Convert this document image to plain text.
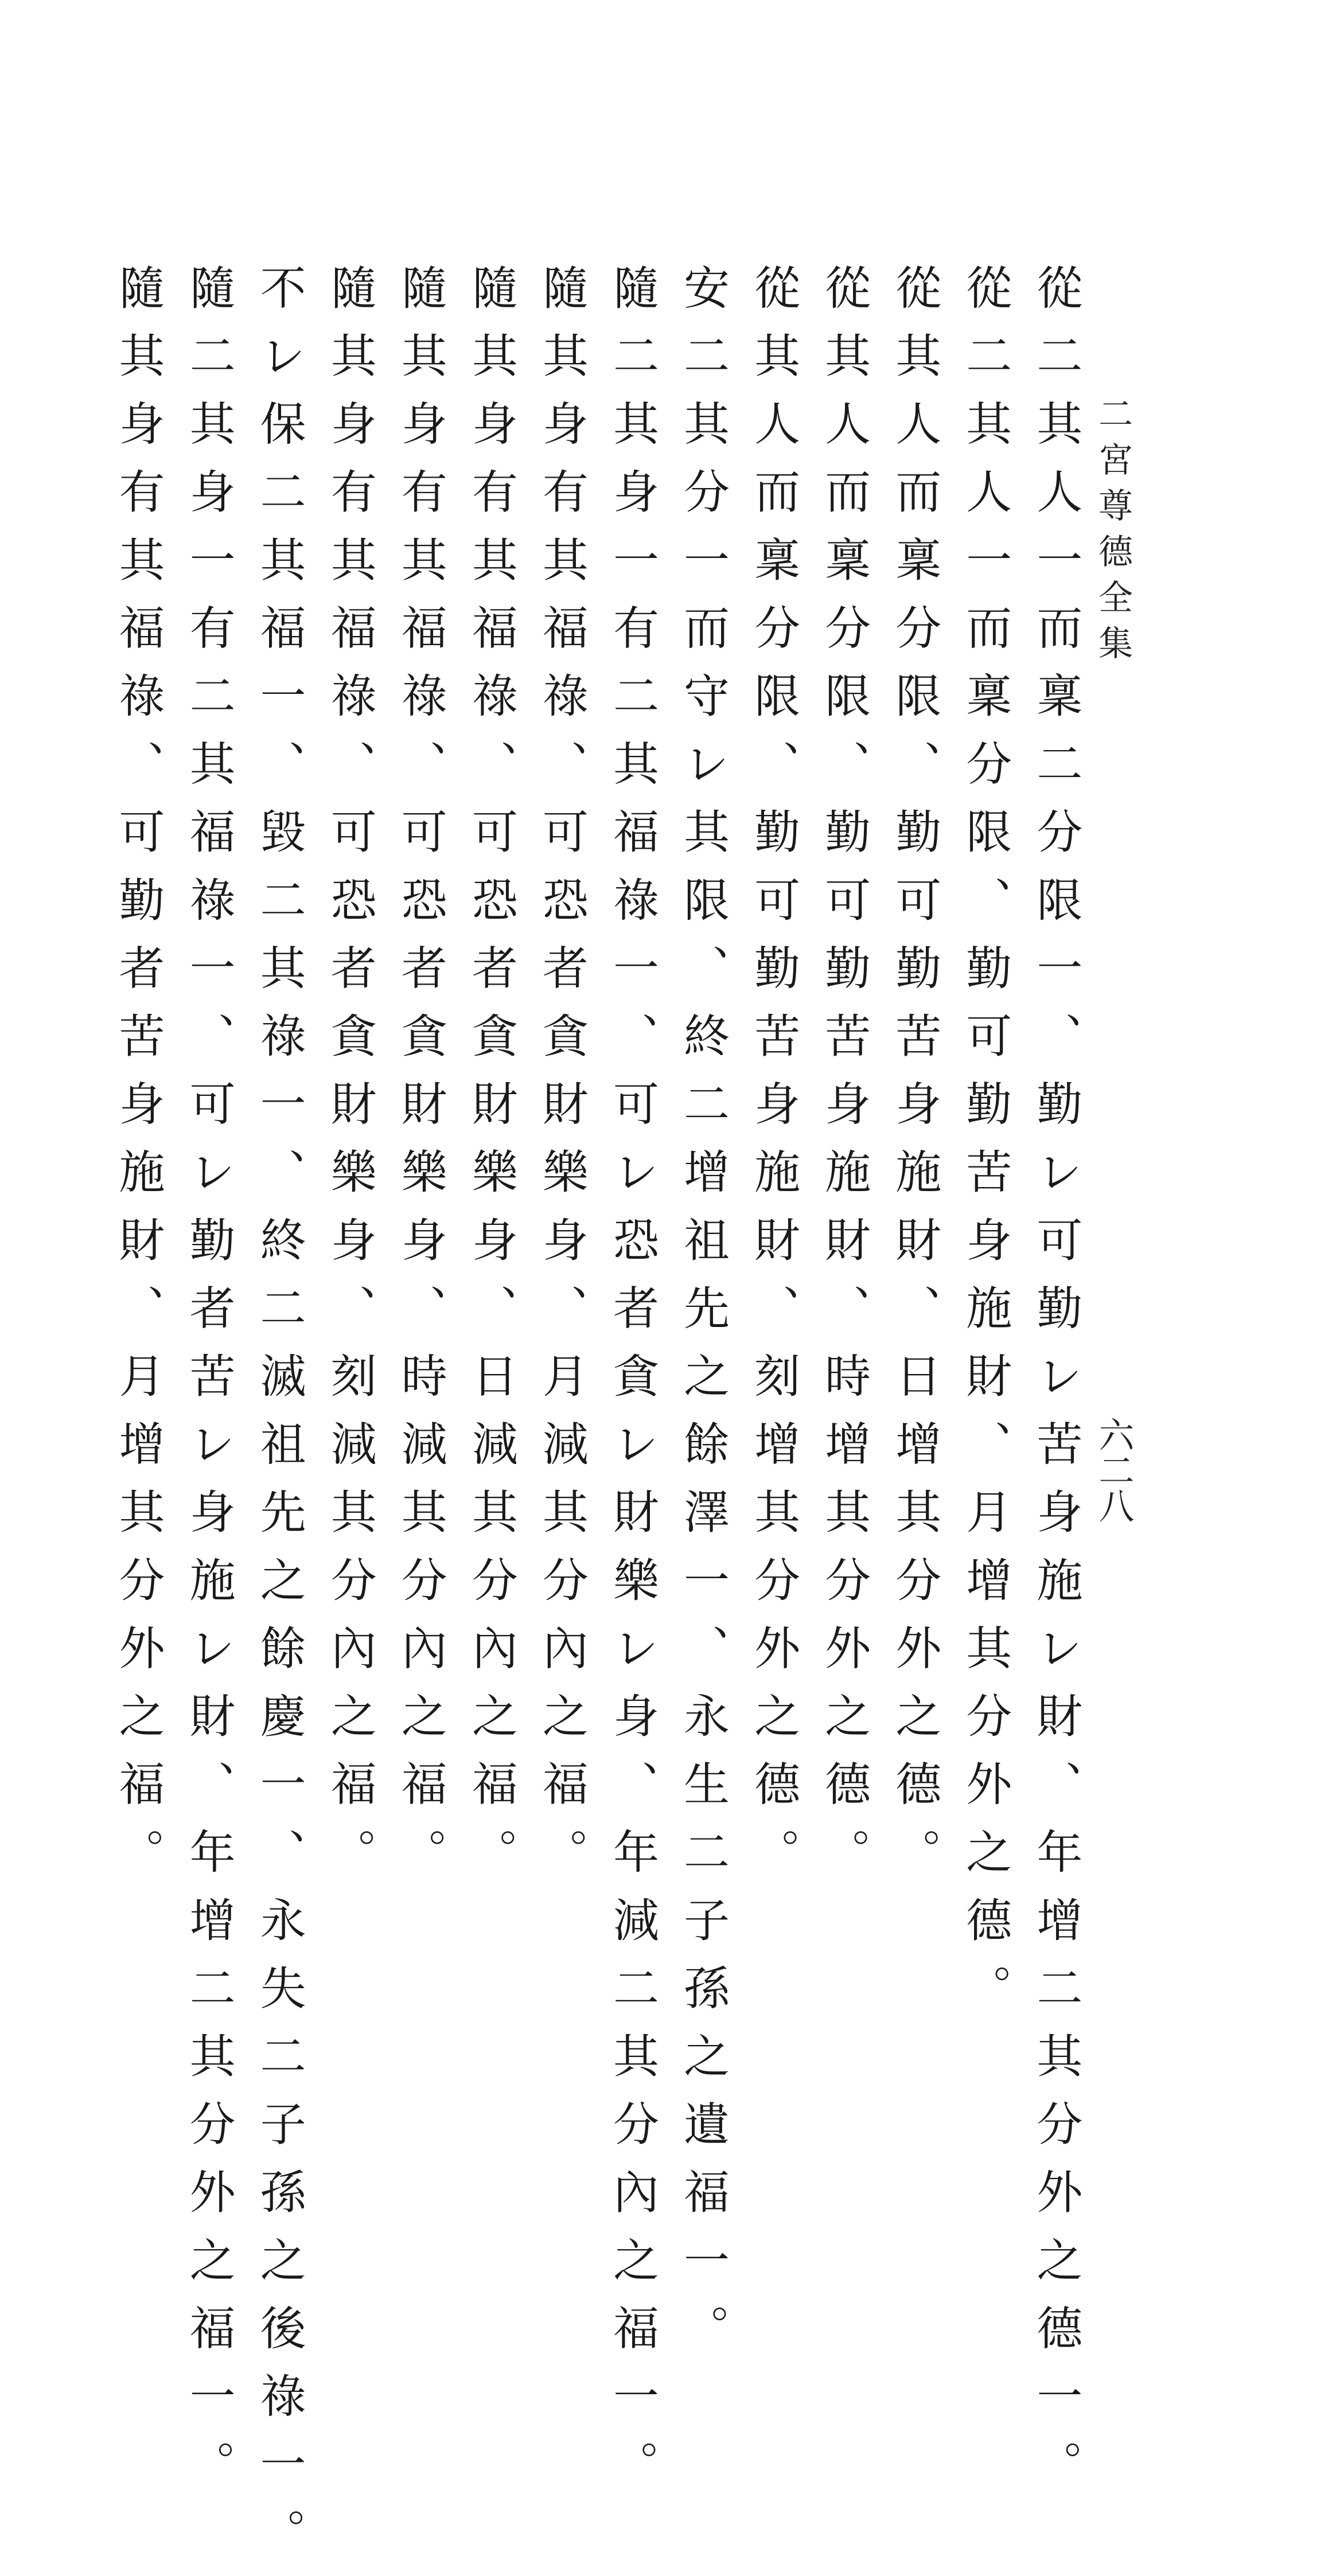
二宮尊德全集
六二八
從二其人一而稟二分限一、勤レ可勤レ苦身施レ財、年增二其分外之德一。
從二其人一而稟分限、勤可勤苦身施財、月增其分外之德。
從其人而稟分限、勤可勤苦身施財、日增其分外之德。
從其人而稟分限、勤可勤苦身施財、時增其分外之德。
從其人而稟分限、勤可勤苦身施財、刻增其分外之德。
安二其分一而守レ其限、終二增祖先之餘澤一、永生二子孫之遺福一。
隨二其身一有二其福祿一、可レ恐者貪レ財樂レ身、年減二其分內之福一。
隨其身有其福祿、可恐者貪財樂身、月減其分內之福。
隨其身有其福祿、可恐者貪財樂身、日減其分內之福。
隨其身有其福祿、可恐者貪財樂身、時減其分內之福。
隨其身有其福祿、可恐者貪財樂身、刻減其分內之福。
不レ保二其福一、毀二其祿一、終二滅祖先之餘慶一、永失二子孫之後祿一。
隨二其身一有二其福祿一、可レ勤者苦レ身施レ財、年增二其分外之福一。
隨其身有其福祿、可勤者苦身施財、月增其分外之福。
